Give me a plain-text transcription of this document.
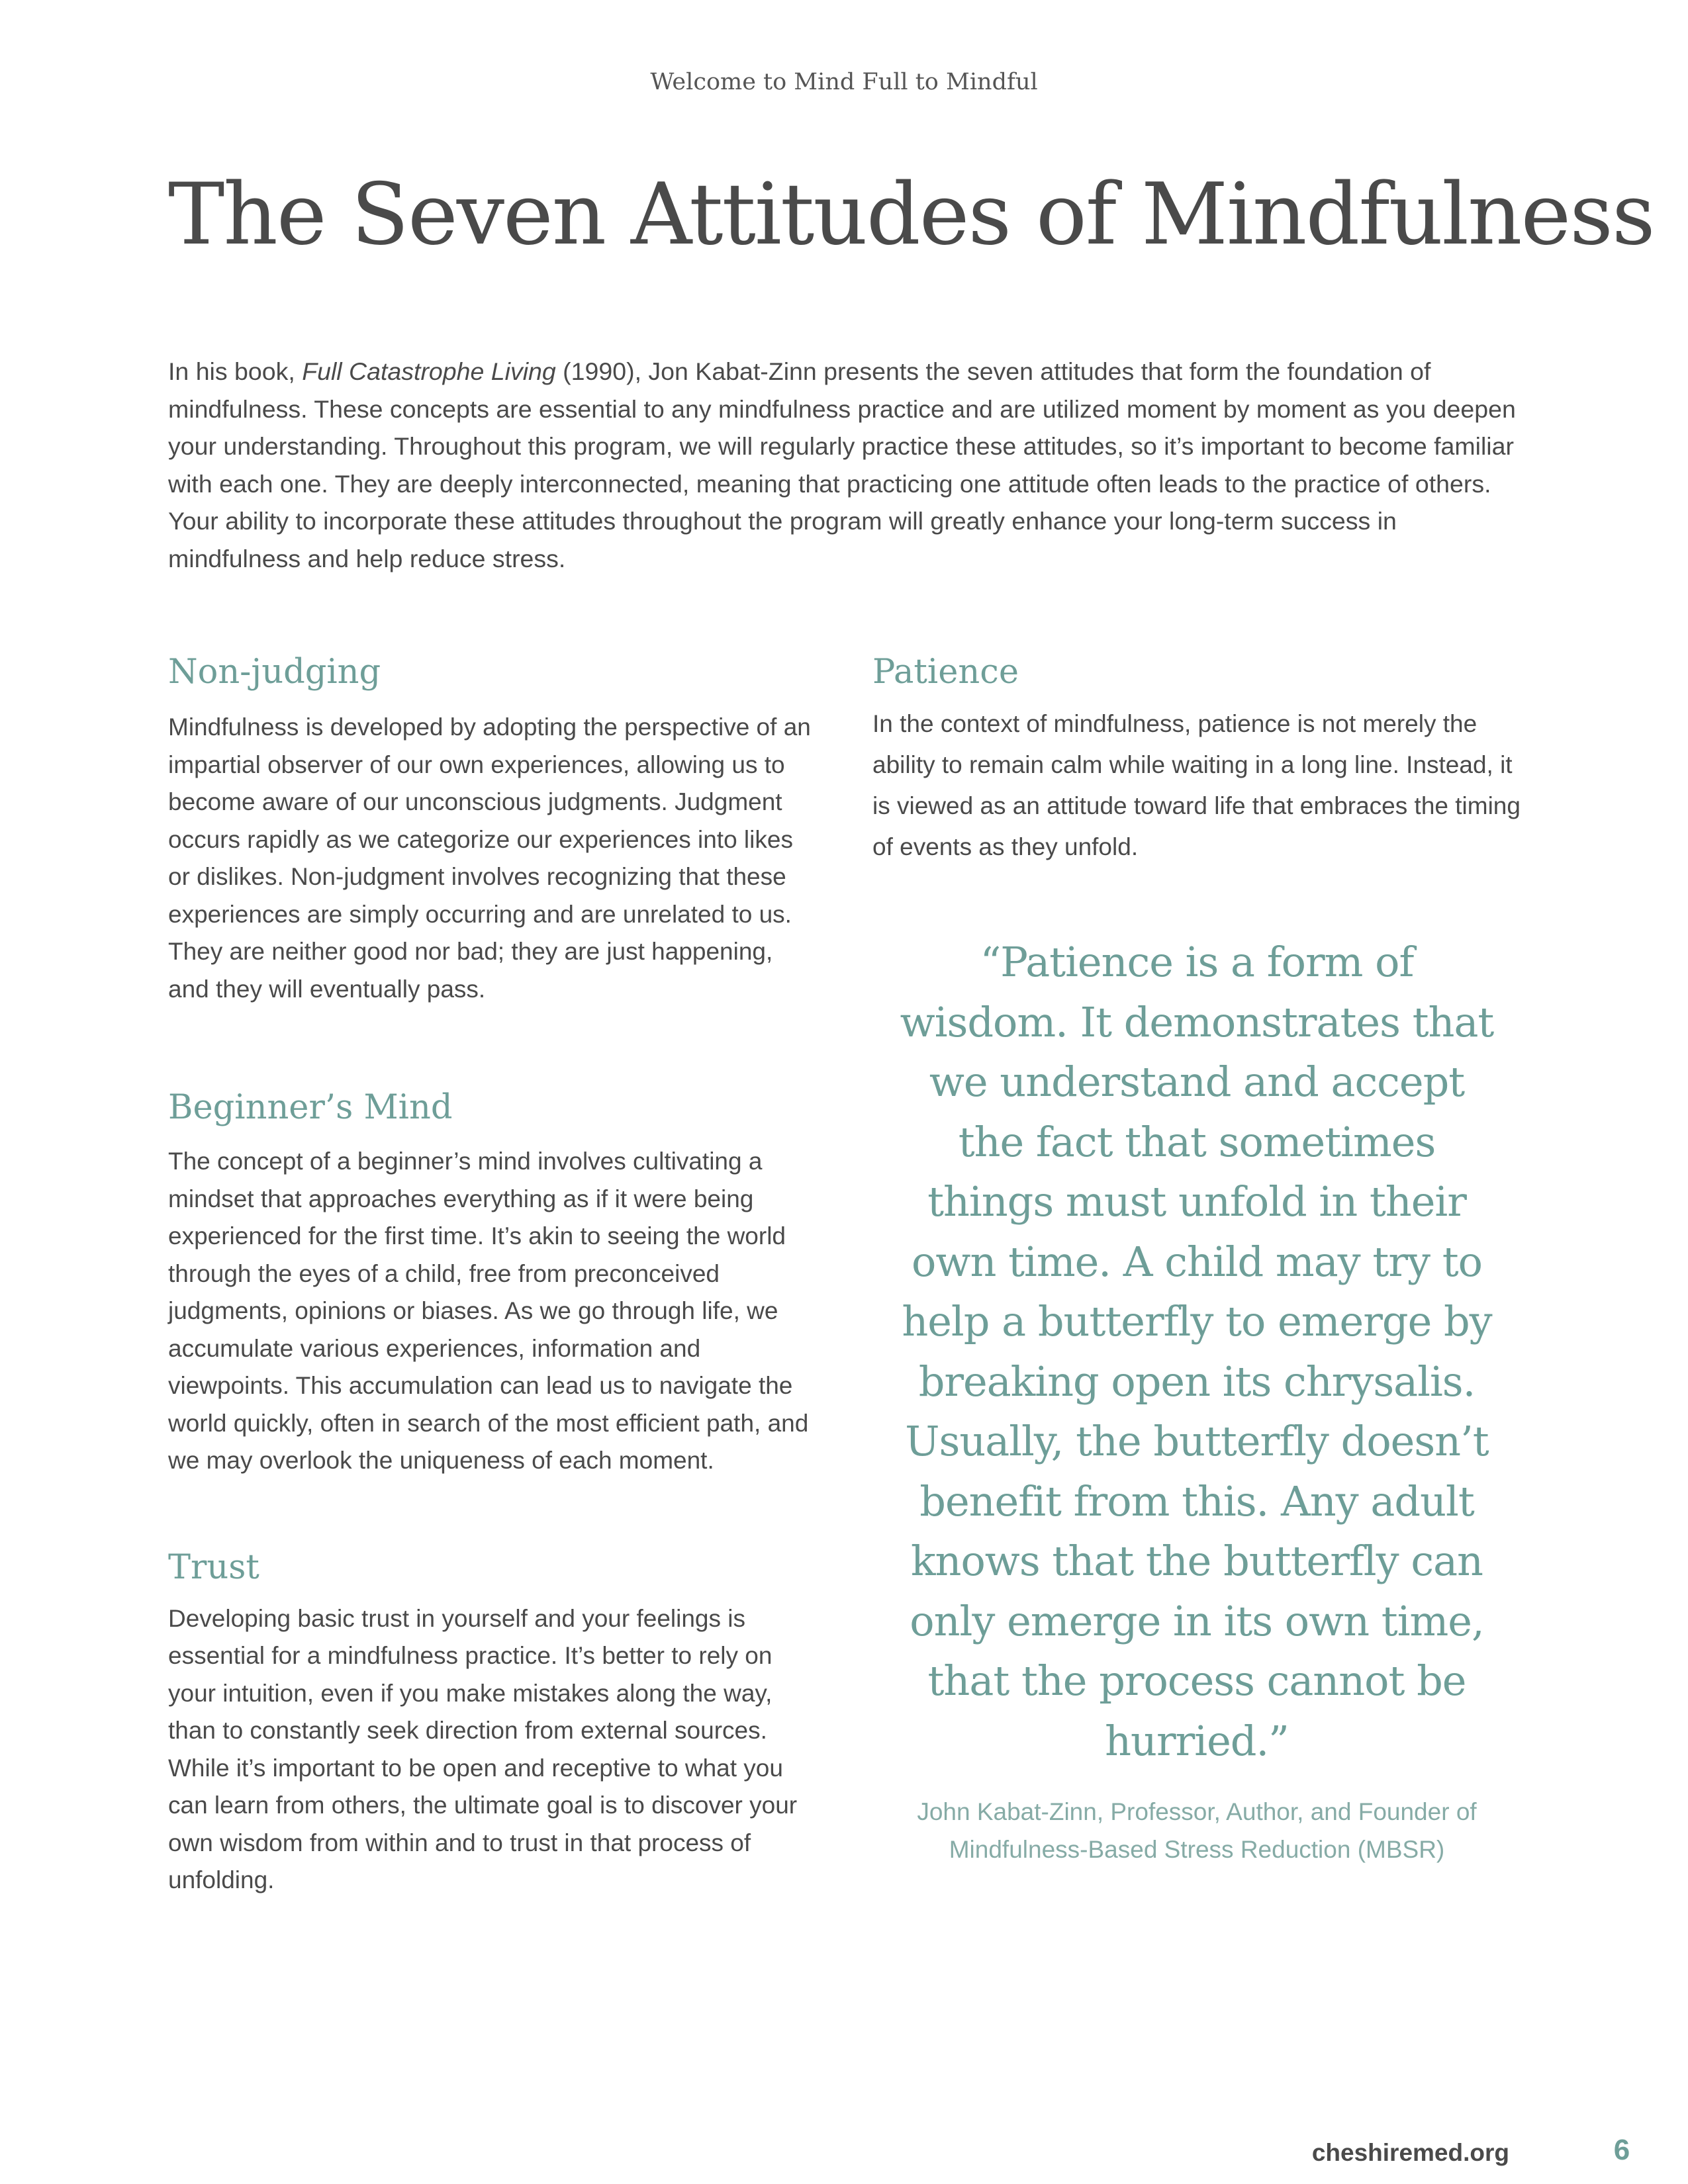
Welcome to Mind Full to Mindful
The Seven Attitudes of Mindfulness

In his book, Full Catastrophe Living (1990), Jon Kabat-Zinn presents the seven attitudes that form the foundation of mindfulness. These concepts are essential to any mindfulness practice and are utilized moment by moment as you deepen your understanding. Throughout this program, we will regularly practice these attitudes, so it’s important to become familiar with each one. They are deeply interconnected, meaning that practicing one attitude often leads to the practice of others. Your ability to incorporate these attitudes throughout the program will greatly enhance your long-term success in mindfulness and help reduce stress.

Non-judging

Mindfulness is developed by adopting the perspective of an impartial observer of our own experiences, allowing us to become aware of our unconscious judgments. Judgment occurs rapidly as we categorize our experiences into likes or dislikes. Non-judgment involves recognizing that these experiences are simply occurring and are unrelated to us. They are neither good nor bad; they are just happening, and they will eventually pass.

Beginner’s Mind

The concept of a beginner’s mind involves cultivating a mindset that approaches everything as if it were being experienced for the first time. It’s akin to seeing the world through the eyes of a child, free from preconceived judgments, opinions or biases. As we go through life, we accumulate various experiences, information and viewpoints. This accumulation can lead us to navigate the world quickly, often in search of the most efficient path, and we may overlook the uniqueness of each moment.

Trust

Developing basic trust in yourself and your feelings is essential for a mindfulness practice. It’s better to rely on your intuition, even if you make mistakes along the way, than to constantly seek direction from external sources. While it’s important to be open and receptive to what you can learn from others, the ultimate goal is to discover your own wisdom from within and to trust in that process of unfolding.

Patience

In the context of mindfulness, patience is not merely the ability to remain calm while waiting in a long line. Instead, it is viewed as an attitude toward life that embraces the timing of events as they unfold.

“Patience is a form of wisdom. It demonstrates that we understand and accept the fact that sometimes things must unfold in their own time. A child may try to help a butterfly to emerge by breaking open its chrysalis. Usually, the butterfly doesn’t benefit from this. Any adult knows that the butterfly can only emerge in its own time, that the process cannot be hurried.”

John Kabat-Zinn, Professor, Author, and Founder of Mindfulness-Based Stress Reduction (MBSR)

cheshiremed.org	6
